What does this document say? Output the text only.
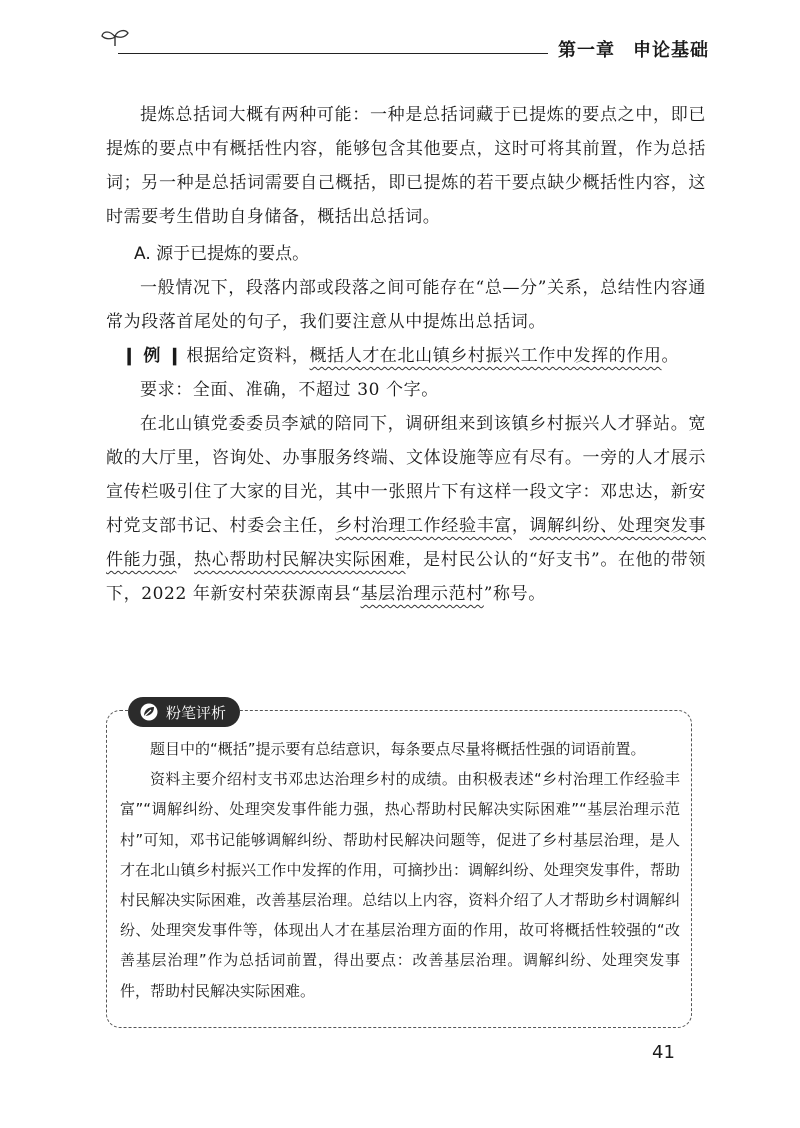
第一章 申论基础

提炼总括词大概有两种可能：一种是总括词藏于已提炼的要点之中，即已提炼的要点中有概括性内容，能够包含其他要点，这时可将其前置，作为总括词；另一种是总括词需要自己概括，即已提炼的若干要点缺少概括性内容，这时需要考生借助自身储备，概括出总括词。

A. 源于已提炼的要点。

一般情况下，段落内部或段落之间可能存在“总—分”关系，总结性内容通常为段落首尾处的句子，我们要注意从中提炼出总括词。

❙ 例 ❙ 根据给定资料，概括人才在北山镇乡村振兴工作中发挥的作用。

要求：全面、准确，不超过 30 个字。

在北山镇党委委员李斌的陪同下，调研组来到该镇乡村振兴人才驿站。宽敞的大厅里，咨询处、办事服务终端、文体设施等应有尽有。一旁的人才展示宣传栏吸引住了大家的目光，其中一张照片下有这样一段文字：邓忠达，新安村党支部书记、村委会主任，乡村治理工作经验丰富，调解纠纷、处理突发事件能力强，热心帮助村民解决实际困难，是村民公认的“好支书”。在他的带领下，2022 年新安村荣获源南县“基层治理示范村”称号。

粉笔评析

题目中的“概括”提示要有总结意识，每条要点尽量将概括性强的词语前置。

资料主要介绍村支书邓忠达治理乡村的成绩。由积极表述“乡村治理工作经验丰富”“调解纠纷、处理突发事件能力强，热心帮助村民解决实际困难”“基层治理示范村”可知，邓书记能够调解纠纷、帮助村民解决问题等，促进了乡村基层治理，是人才在北山镇乡村振兴工作中发挥的作用，可摘抄出：调解纠纷、处理突发事件，帮助村民解决实际困难，改善基层治理。总结以上内容，资料介绍了人才帮助乡村调解纠纷、处理突发事件等，体现出人才在基层治理方面的作用，故可将概括性较强的“改善基层治理”作为总括词前置，得出要点：改善基层治理。调解纠纷、处理突发事件，帮助村民解决实际困难。

41
